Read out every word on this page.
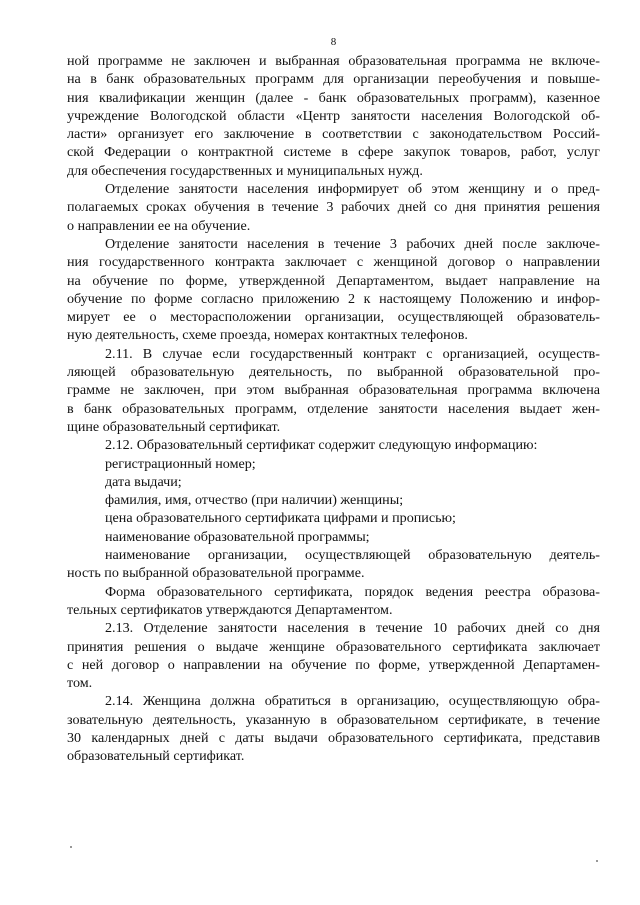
8
ной программе не заключен и выбранная образовательная программа не включе-
на в банк образовательных программ для организации переобучения и повыше-
ния квалификации женщин (далее - банк образовательных программ), казенное
учреждение Вологодской области «Центр занятости населения Вологодской об-
ласти» организует его заключение в соответствии с законодательством Россий-
ской Федерации о контрактной системе в сфере закупок товаров, работ, услуг
для обеспечения государственных и муниципальных нужд.
Отделение занятости населения информирует об этом женщину и о пред-
полагаемых сроках обучения в течение 3 рабочих дней со дня принятия решения
о направлении ее на обучение.
Отделение занятости населения в течение 3 рабочих дней после заключе-
ния государственного контракта заключает с женщиной договор о направлении
на обучение по форме, утвержденной Департаментом, выдает направление на
обучение по форме согласно приложению 2 к настоящему Положению и инфор-
мирует ее о месторасположении организации, осуществляющей образователь-
ную деятельность, схеме проезда, номерах контактных телефонов.
2.11. В случае если государственный контракт с организацией, осуществ-
ляющей образовательную деятельность, по выбранной образовательной про-
грамме не заключен, при этом выбранная образовательная программа включена
в банк образовательных программ, отделение занятости населения выдает жен-
щине образовательный сертификат.
2.12. Образовательный сертификат содержит следующую информацию:
регистрационный номер;
дата выдачи;
фамилия, имя, отчество (при наличии) женщины;
цена образовательного сертификата цифрами и прописью;
наименование образовательной программы;
наименование организации, осуществляющей образовательную деятель-
ность по выбранной образовательной программе.
Форма образовательного сертификата, порядок ведения реестра образова-
тельных сертификатов утверждаются Департаментом.
2.13. Отделение занятости населения в течение 10 рабочих дней со дня
принятия решения о выдаче женщине образовательного сертификата заключает
с ней договор о направлении на обучение по форме, утвержденной Департамен-
том.
2.14. Женщина должна обратиться в организацию, осуществляющую обра-
зовательную деятельность, указанную в образовательном сертификате, в течение
30 календарных дней с даты выдачи образовательного сертификата, представив
образовательный сертификат.
